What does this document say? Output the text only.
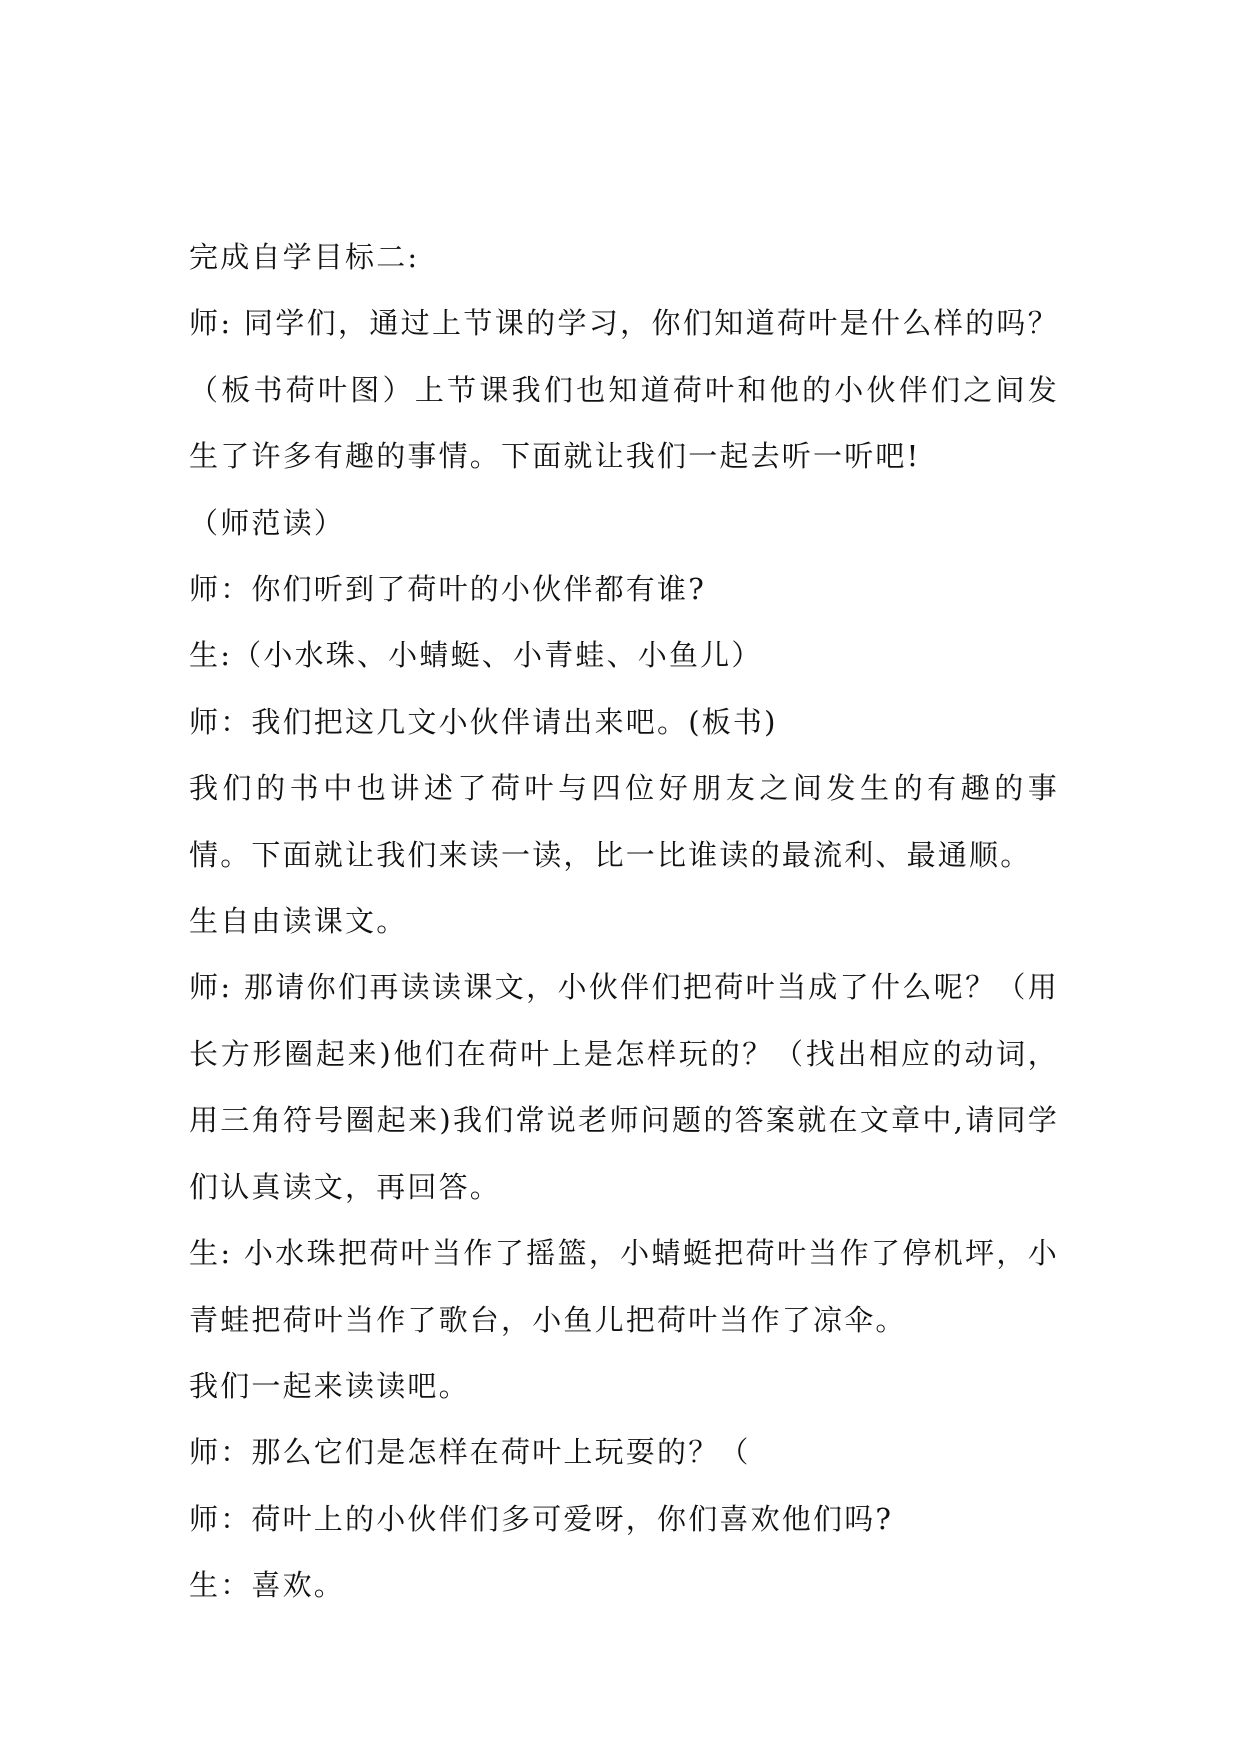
完成自学目标二:

师: 同学们，通过上节课的学习，你们知道荷叶是什么样的吗？（板书荷叶图）上节课我们也知道荷叶和他的小伙伴们之间发生了许多有趣的事情。下面就让我们一起去听一听吧!

（师范读）

师：你们听到了荷叶的小伙伴都有谁?

生:（小水珠、小蜻蜓、小青蛙、小鱼儿）

师：我们把这几文小伙伴请出来吧。(板书)

我们的书中也讲述了荷叶与四位好朋友之间发生的有趣的事情。下面就让我们来读一读，比一比谁读的最流利、最通顺。

生自由读课文。

师: 那请你们再读读课文，小伙伴们把荷叶当成了什么呢？（用长方形圈起来)他们在荷叶上是怎样玩的？（找出相应的动词，用三角符号圈起来)我们常说老师问题的答案就在文章中,请同学们认真读文，再回答。

生: 小水珠把荷叶当作了摇篮，小蜻蜓把荷叶当作了停机坪，小青蛙把荷叶当作了歌台，小鱼儿把荷叶当作了凉伞。

我们一起来读读吧。

师：那么它们是怎样在荷叶上玩耍的？（

师：荷叶上的小伙伴们多可爱呀，你们喜欢他们吗?

生：喜欢。
